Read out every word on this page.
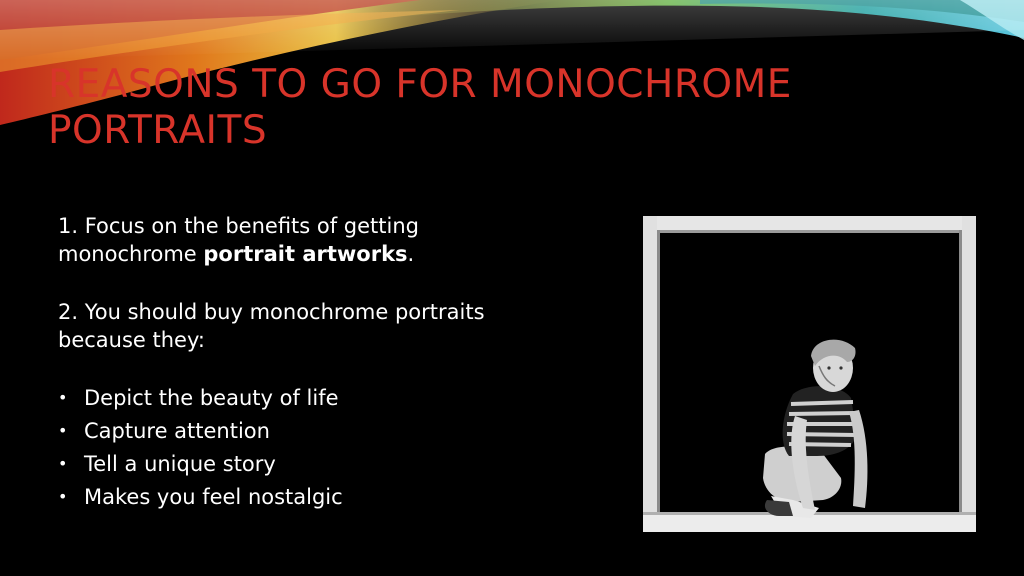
REASONS TO GO FOR MONOCHROME PORTRAITS

1. Focus on the benefits of getting monochrome portrait artworks.

2. You should buy monochrome portraits because they:

• Depict the beauty of life
• Capture attention
• Tell a unique story
• Makes you feel nostalgic
